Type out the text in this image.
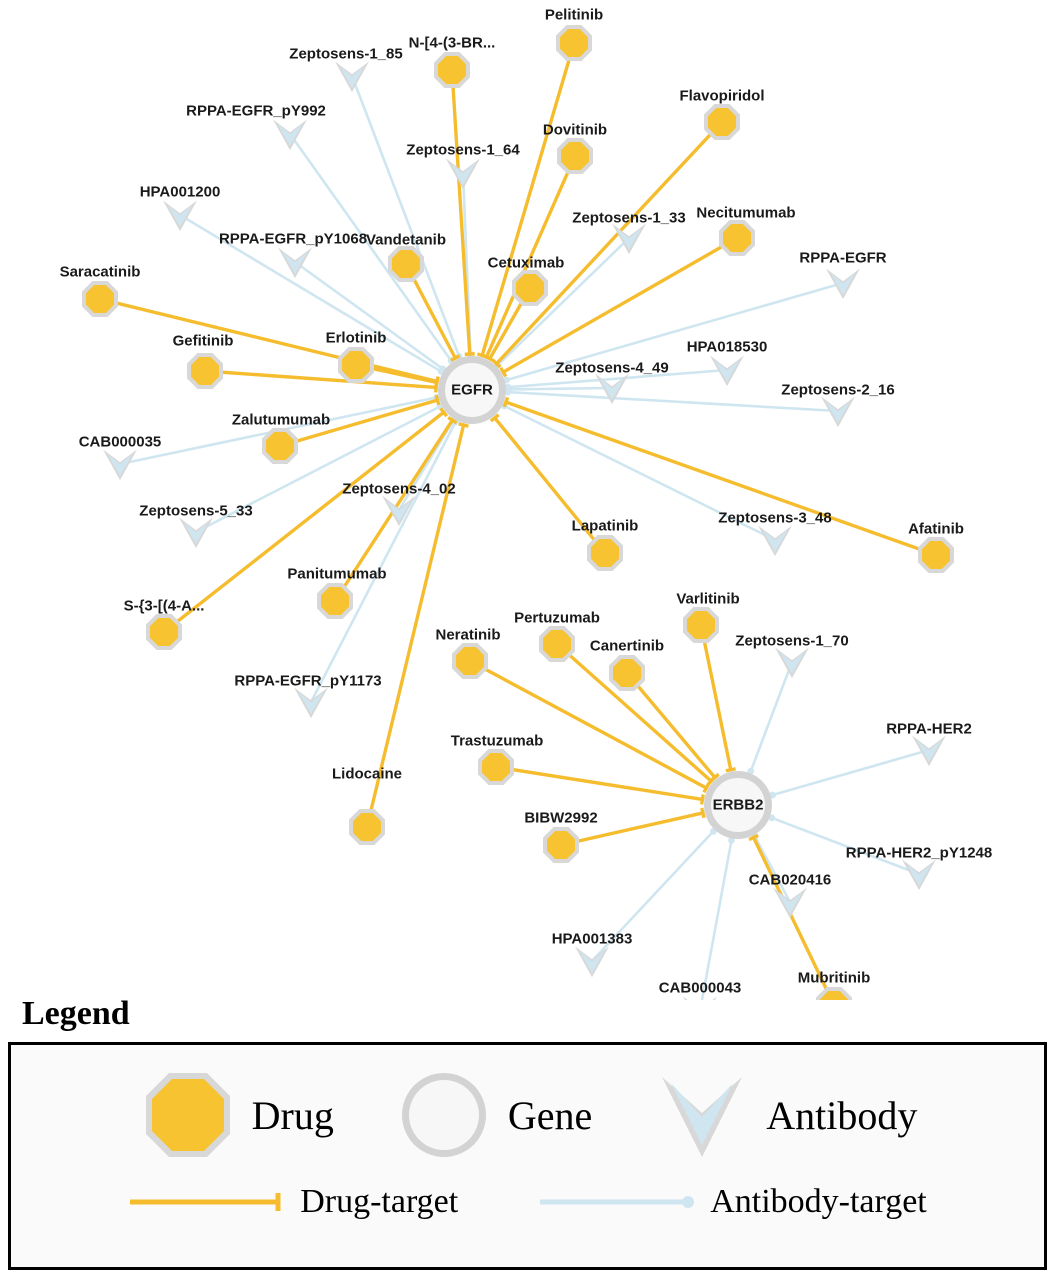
Zeptosens-1_85
RPPA-EGFR_pY992
Zeptosens-1_64
HPA001200
Zeptosens-1_33
RPPA-EGFR_pY1068
RPPA-EGFR
HPA018530
Zeptosens-4_49
Zeptosens-2_16
CAB000035
Zeptosens-4_02
Zeptosens-5_33	Zeptosens-3_48
Zeptosens-1_70
RPPA-EGFR_pY1173
RPPA-HER2
RPPA-HER2_pY1248
CAB020416
HPA001383
CAB000043
Pelitinib
N-[4-(3-BR...
Flavopiridol
Dovitinib
Necitumumab
Vandetanib
Cetuximab
Saracatinib
Erlotinib
Gefitinib
Zalutumumab
Afatinib
Lapatinib
Panitumumab
S-{3-[(4-A...	Varlitinib
Pertuzumab
Neratinib
Canertinib
Trastuzumab
Lidocaine
BIBW2992
Mubritinib
EGFR
ERBB2
Legend
Drug	Gene	Antibody
Drug-target	Antibody-target
